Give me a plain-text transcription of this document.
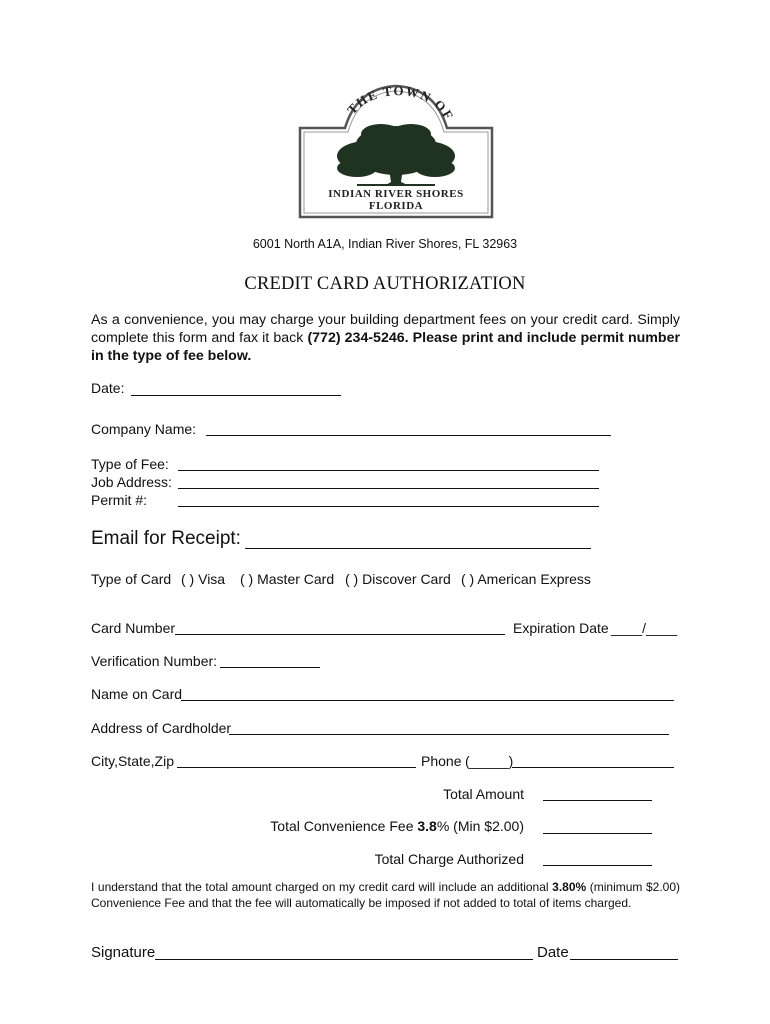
THE TOWN OF
INDIAN RIVER SHORES
FLORIDA
6001 North A1A, Indian River Shores, FL 32963
CREDIT CARD AUTHORIZATION
As a convenience, you may charge your building department fees on your credit card. Simply complete this form and fax it back (772) 234-5246. Please print and include permit number in the type of fee below.
Date:
Company Name:
Type of Fee:
Job Address:
Permit #:
Email for Receipt:
Type of Card ( ) Visa ( ) Master Card ( ) Discover Card ( ) American Express
Card Number	Expiration Date ____/____
Verification Number:
Name on Card
Address of Cardholder
City,State,Zip	Phone (_____)
Total Amount
Total Convenience Fee 3.8% (Min $2.00)
Total Charge Authorized
I understand that the total amount charged on my credit card will include an additional 3.80% (minimum $2.00) Convenience Fee and that the fee will automatically be imposed if not added to total of items charged.
Signature	Date
